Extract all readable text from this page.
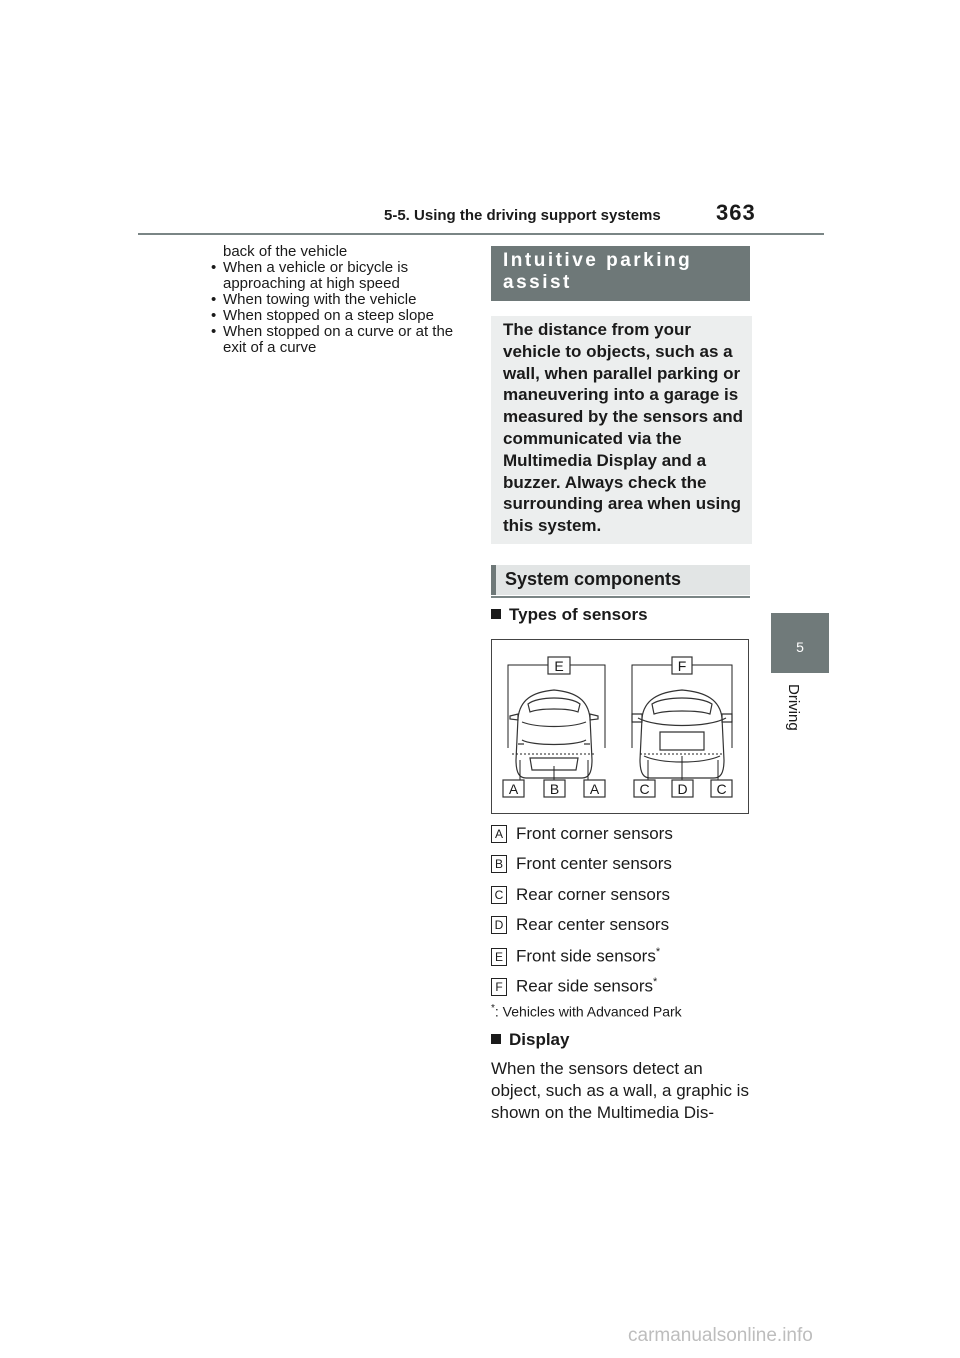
5-5. Using the driving support systems	363
5
Driving
back of the vehicle
• When a vehicle or bicycle is approaching at high speed
• When towing with the vehicle
• When stopped on a steep slope
• When stopped on a curve or at the exit of a curve
Intuitive parking assist
The distance from your vehicle to objects, such as a wall, when parallel parking or maneuvering into a garage is measured by the sensors and communicated via the Multimedia Display and a buzzer. Always check the surrounding area when using this system.
System components
Types of sensors
E	F
A B A	C D C
A Front corner sensors
B Front center sensors
C Rear corner sensors
D Rear center sensors
E Front side sensors*
F Rear side sensors*
*: Vehicles with Advanced Park
Display
When the sensors detect an object, such as a wall, a graphic is shown on the Multimedia Dis-
carmanualsonline.info
